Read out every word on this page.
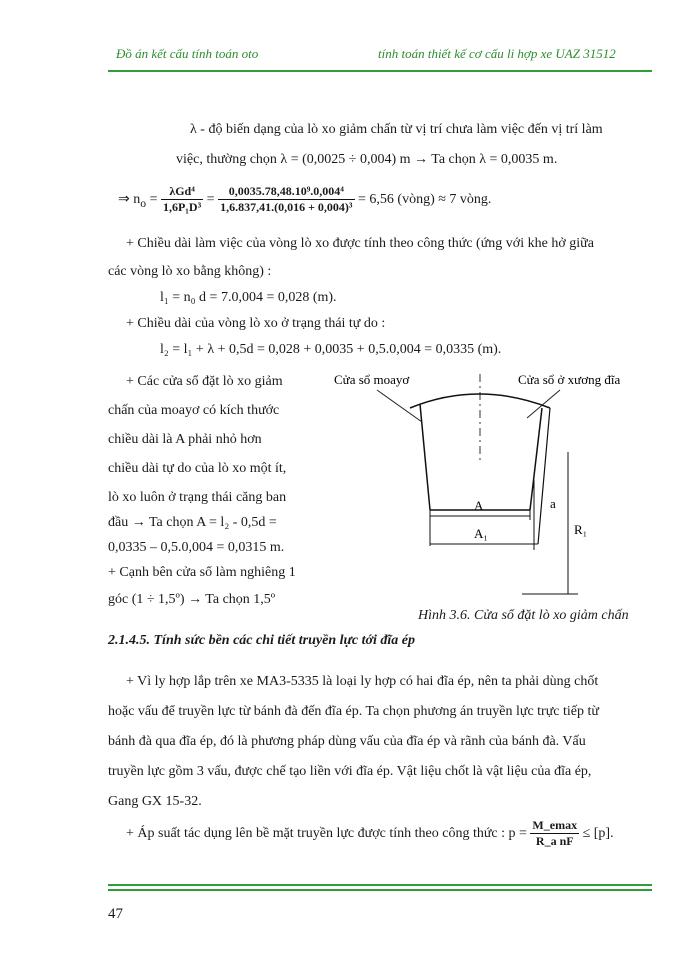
Đồ án kết cấu tính toán oto	tính toán thiết kế cơ cấu li hợp xe UAZ 31512
λ - độ biến dạng của lò xo giảm chấn từ vị trí chưa làm việc đến vị trí làm
việc, thường chọn λ = (0,0025 ÷ 0,004) m → Ta chọn λ = 0,0035 m.
⇒ $n_o = \frac{\text{λGd⁴}}{\text{1,6P₁D³}} = \frac{\text{0,0035.78,48.10⁹.0,004⁴}}{\text{1,6.837,41.(0,016 + 0,004)³}} = 6,56$ (vòng) ≈ 7 vòng.
+ Chiều dài làm việc của vòng lò xo được tính theo công thức (ứng với khe hở giữa
các vòng lò xo bằng không) :
l₁ = n₀ d = 7.0,004 = 0,028 (m).
+ Chiều dài của vòng lò xo ở trạng thái tự do :
l₂ = l₁ + λ + 0,5d = 0,028 + 0,0035 + 0,5.0,004 = 0,0335 (m).
+ Các cửa sổ đặt lò xo giảm
chấn của moayơ có kích thước
chiều dài là A phải nhỏ hơn
chiều dài tự do của lò xo một ít,
lò xo luôn ở trạng thái căng ban
đầu → Ta chọn A = l₂ - 0,5d =
0,0335 – 0,5.0,004 = 0,0315 m.
+ Cạnh bên cửa sổ làm nghiêng 1
góc (1 ÷ 1,5º) → Ta chọn 1,5º
Cửa sổ moayơ	Cửa sổ ở xương đĩa
A
A₁
a
R₁
Hình 3.6. Cửa sổ đặt lò xo giảm chấn
2.1.4.5. Tính sức bền các chi tiết truyền lực tới đĩa ép
+ Vì ly hợp lắp trên xe MA3-5335 là loại ly hợp có hai đĩa ép, nên ta phải dùng chốt
hoặc vấu để truyền lực từ bánh đà đến đĩa ép. Ta chọn phương án truyền lực trực tiếp từ
bánh đà qua đĩa ép, đó là phương pháp dùng vấu của đĩa ép và rãnh của bánh đà. Vấu
truyền lực gồm 3 vấu, được chế tạo liền với đĩa ép. Vật liệu chốt là vật liệu của đĩa ép,
Gang GX 15-32.
+ Áp suất tác dụng lên bề mặt truyền lực được tính theo công thức : $p = \frac{M\_emax}{\text{R\_a nF}} \le [p]$.
47
